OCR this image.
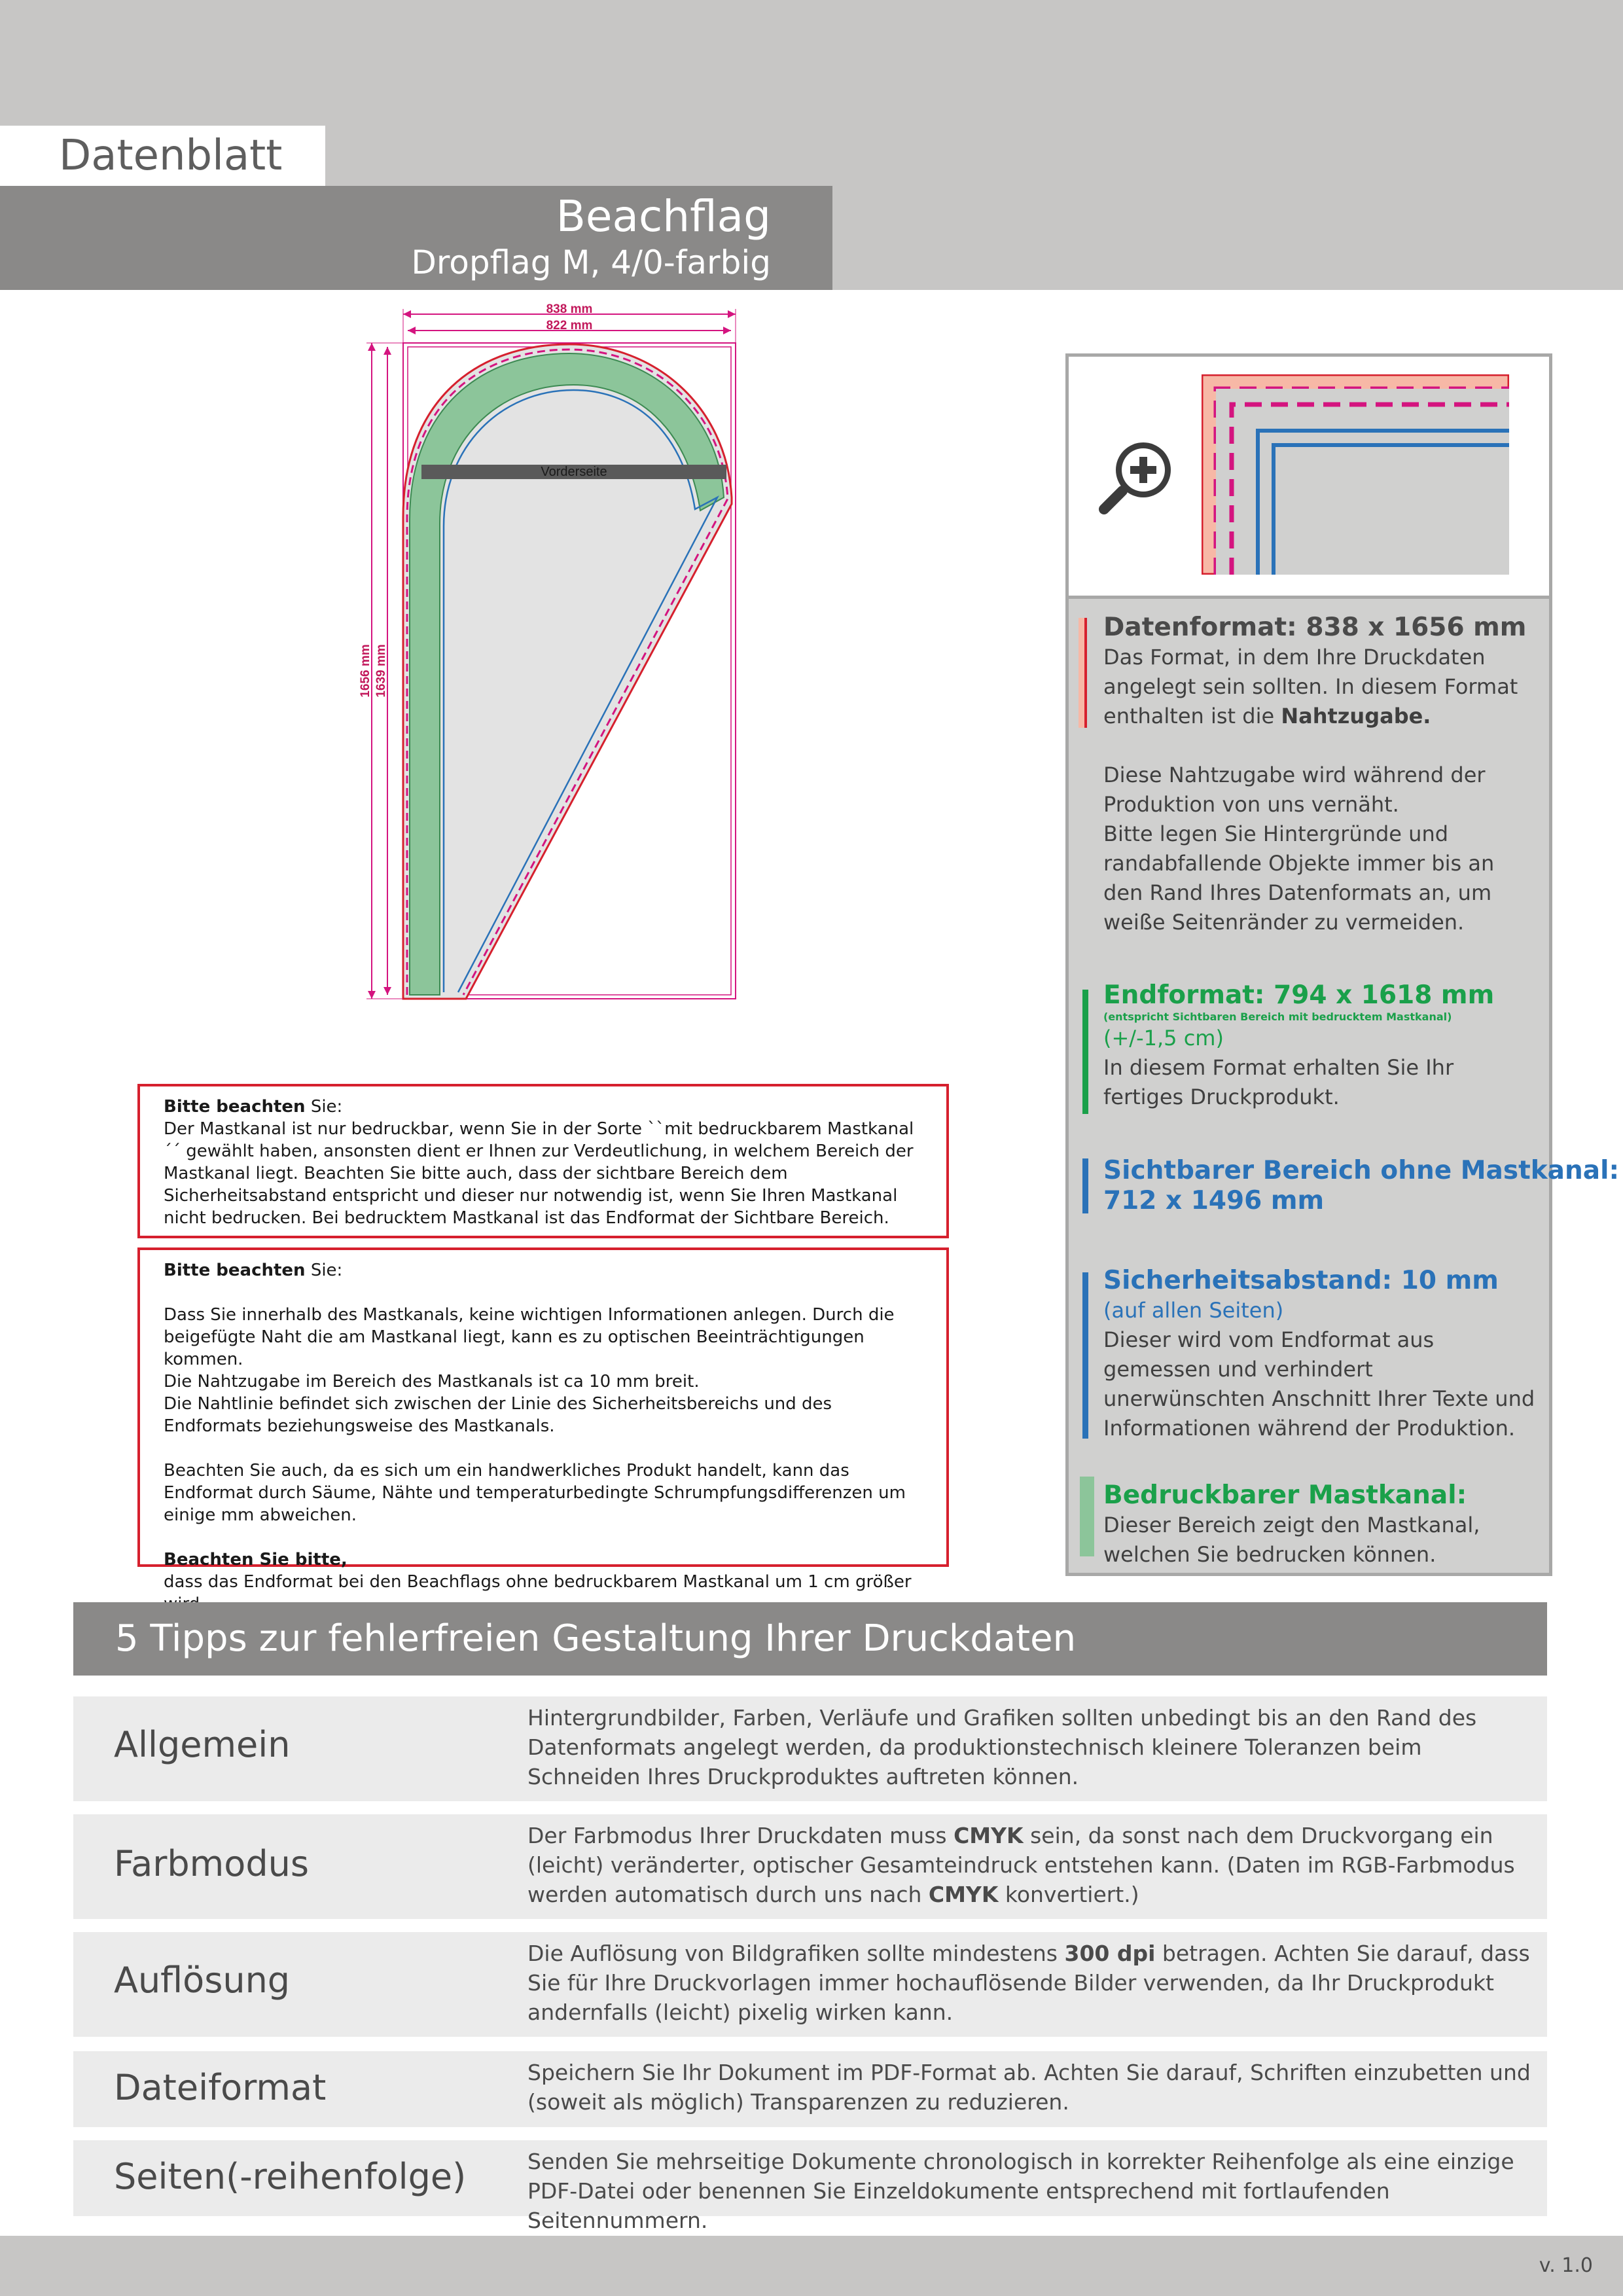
Datenblatt
Beachflag
Dropflag M, 4/0-farbig
Vorderseite
838 mm
822 mm
1656 mm 1639 mm
Datenformat: 838 x 1656 mm
Das Format, in dem Ihre Druckdaten angelegt sein sollten. In diesem Format enthalten ist die Nahtzugabe.
Diese Nahtzugabe wird während der Produktion von uns vernäht.
Bitte legen Sie Hintergründe und randabfallende Objekte immer bis an den Rand Ihres Datenformats an, um weiße Seitenränder zu vermeiden.
Endformat: 794 x 1618 mm
(entspricht Sichtbaren Bereich mit bedrucktem Mastkanal)
(+/-1,5 cm)
In diesem Format erhalten Sie Ihr fertiges Druckprodukt.
Sichtbarer Bereich ohne Mastkanal:
712 x 1496 mm
Sicherheitsabstand: 10 mm
(auf allen Seiten)
Dieser wird vom Endformat aus gemessen und verhindert unerwünschten Anschnitt Ihrer Texte und Informationen während der Produktion.
Bedruckbarer Mastkanal:
Dieser Bereich zeigt den Mastkanal, welchen Sie bedrucken können.

Bitte beachten Sie:

Der Mastkanal ist nur bedruckbar, wenn Sie in der Sorte ``mit bedruckbarem Mastkanal´´ gewählt haben, ansonsten dient er Ihnen zur Verdeutlichung, in welchem Bereich der Mastkanal liegt. Beachten Sie bitte auch, dass der sichtbare Bereich dem Sicherheitsabstand entspricht und dieser nur notwendig ist, wenn Sie Ihren Mastkanal nicht bedrucken. Bei bedrucktem Mastkanal ist das Endformat der Sichtbare Bereich.

Bitte beachten Sie:

Dass Sie innerhalb des Mastkanals, keine wichtigen Informationen anlegen. Durch die beigefügte Naht die am Mastkanal liegt, kann es zu optischen Beeinträchtigungen kommen.

Die Nahtzugabe im Bereich des Mastkanals ist ca 10 mm breit.

Die Nahtlinie befindet sich zwischen der Linie des Sicherheitsbereichs und des Endformats beziehungsweise des Mastkanals.

Beachten Sie auch, da es sich um ein handwerkliches Produkt handelt, kann das Endformat durch Säume, Nähte und temperaturbedingte Schrumpfungsdifferenzen um einige mm abweichen.

Beachten Sie bitte,

dass das Endformat bei den Beachflags ohne bedruckbarem Mastkanal um 1 cm größer

5 Tipps zur fehlerfreien Gestaltung Ihrer Druckdaten
Allgemein
Hintergrundbilder, Farben, Verläufe und Grafiken sollten unbedingt bis an den Rand des Datenformats angelegt werden, da produktionstechnisch kleinere Toleranzen beim Schneiden Ihres Druckproduktes auftreten können.
Farbmodus
Der Farbmodus Ihrer Druckdaten muss CMYK sein, da sonst nach dem Druckvorgang ein (leicht) veränderter, optischer Gesamteindruck entstehen kann. (Daten im RGB-Farbmodus werden automatisch durch uns nach CMYK konvertiert.)
Auflösung
Die Auflösung von Bildgrafiken sollte mindestens 300 dpi betragen. Achten Sie darauf, dass Sie für Ihre Druckvorlagen immer hochauflösende Bilder verwenden, da Ihr Druckprodukt andernfalls (leicht) pixelig wirken kann.
Dateiformat	Speichern Sie Ihr Dokument im PDF-Format ab. Achten Sie darauf, Schriften einzubetten und (soweit als möglich) Transparenzen zu reduzieren.
Seiten(-reihenfolge)	Senden Sie mehrseitige Dokumente chronologisch in korrekter Reihenfolge als eine einzige PDF-Datei oder benennen Sie Einzeldokumente entsprechend mit fortlaufenden Seitennummern.
v. 1.0
